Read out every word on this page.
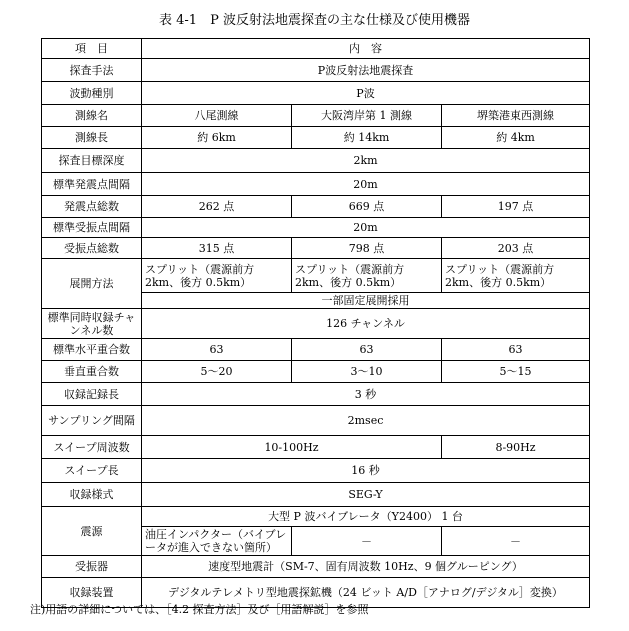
表 4-1　P 波反射法地震探査の主な仕様及び使用機器
項　目	内　容		
探査手法	P波反射法地震探査		
波動種別	P波		
測線名	八尾測線	大阪湾岸第 1 測線	堺築港東西測線
測線長	約 6km	約 14km	約 4km
探査目標深度	2km		
標準発震点間隔	20m		
発震点総数	262 点	669 点	197 点
標準受振点間隔	20m		
受振点総数	315 点	798 点	203 点
展開方法	スプリット（震源前方 2km、後方 0.5km）	スプリット（震源前方 2km、後方 0.5km）	スプリット（震源前方 2km、後方 0.5km）
	一部固定展開採用		
標準同時収録チャンネル数	126 チャンネル		
標準水平重合数	63	63	63
垂直重合数	5～20	3～10	5～15
収録記録長	3 秒		
サンプリング間隔	2msec		
スイープ周波数	10-100Hz		8-90Hz
スイープ長	16 秒		
収録様式	SEG-Y		
震源	大型 P 波バイブレータ（Y2400） 1 台		
	油圧インパクター（バイブレータが進入できない箇所）	－	－
受振器	速度型地震計（SM-7、固有周波数 10Hz、9 個グルーピング）		
収録装置	デジタルテレメトリ型地震探鉱機（24 ビット A/D［アナログ/デジタル］変換）		
注)用語の詳細については、［4.2 探査方法］及び［用語解説］を参照
